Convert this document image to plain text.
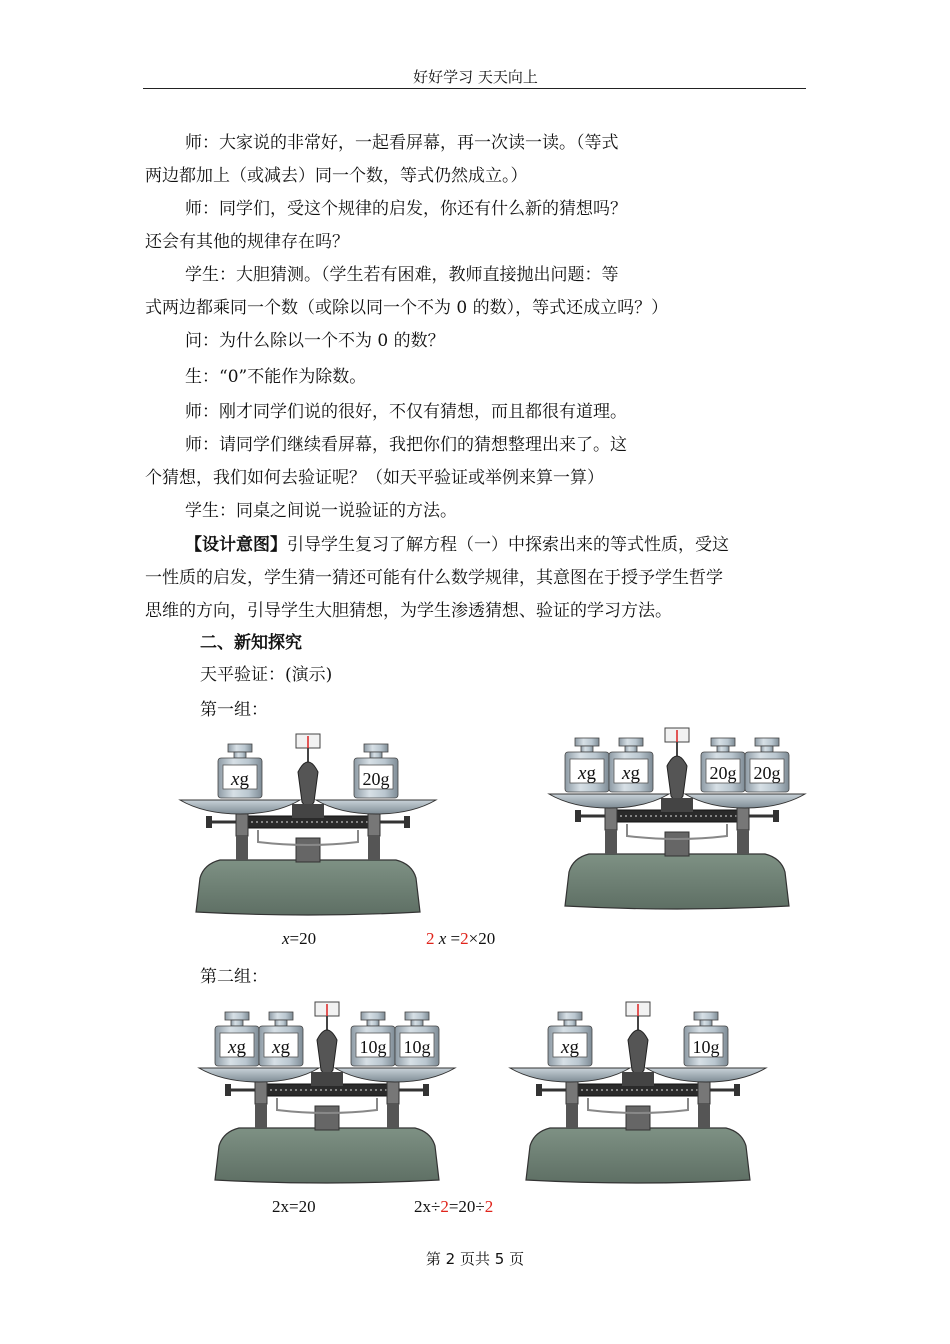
好好学习 天天向上
师：大家说的非常好，一起看屏幕，再一次读一读。（等式
两边都加上（或减去）同一个数，等式仍然成立。）
师：同学们，受这个规律的启发，你还有什么新的猜想吗？
还会有其他的规律存在吗？
学生：大胆猜测。（学生若有困难，教师直接抛出问题：等
式两边都乘同一个数（或除以同一个不为 0 的数），等式还成立吗？）
问：为什么除以一个不为 0 的数？
生：“0”不能作为除数。
师：刚才同学们说的很好，不仅有猜想，而且都很有道理。
师：请同学们继续看屏幕，我把你们的猜想整理出来了。这
个猜想，我们如何去验证呢？（如天平验证或举例来算一算）
学生：同桌之间说一说验证的方法。
【设计意图】引导学生复习了解方程（一）中探索出来的等式性质，受这
一性质的启发，学生猜一猜还可能有什么数学规律，其意图在于授予学生哲学
思维的方向，引导学生大胆猜想，为学生渗透猜想、验证的学习方法。
二、新知探究
天平验证：(演示)
第一组：
xg	20g	xg xg	20g 20g
x=20	2 x =2×20
第二组：
xg xg	10g 10g	xg	10g
2x=20	2x÷2=20÷2
第 2 页共 5 页
